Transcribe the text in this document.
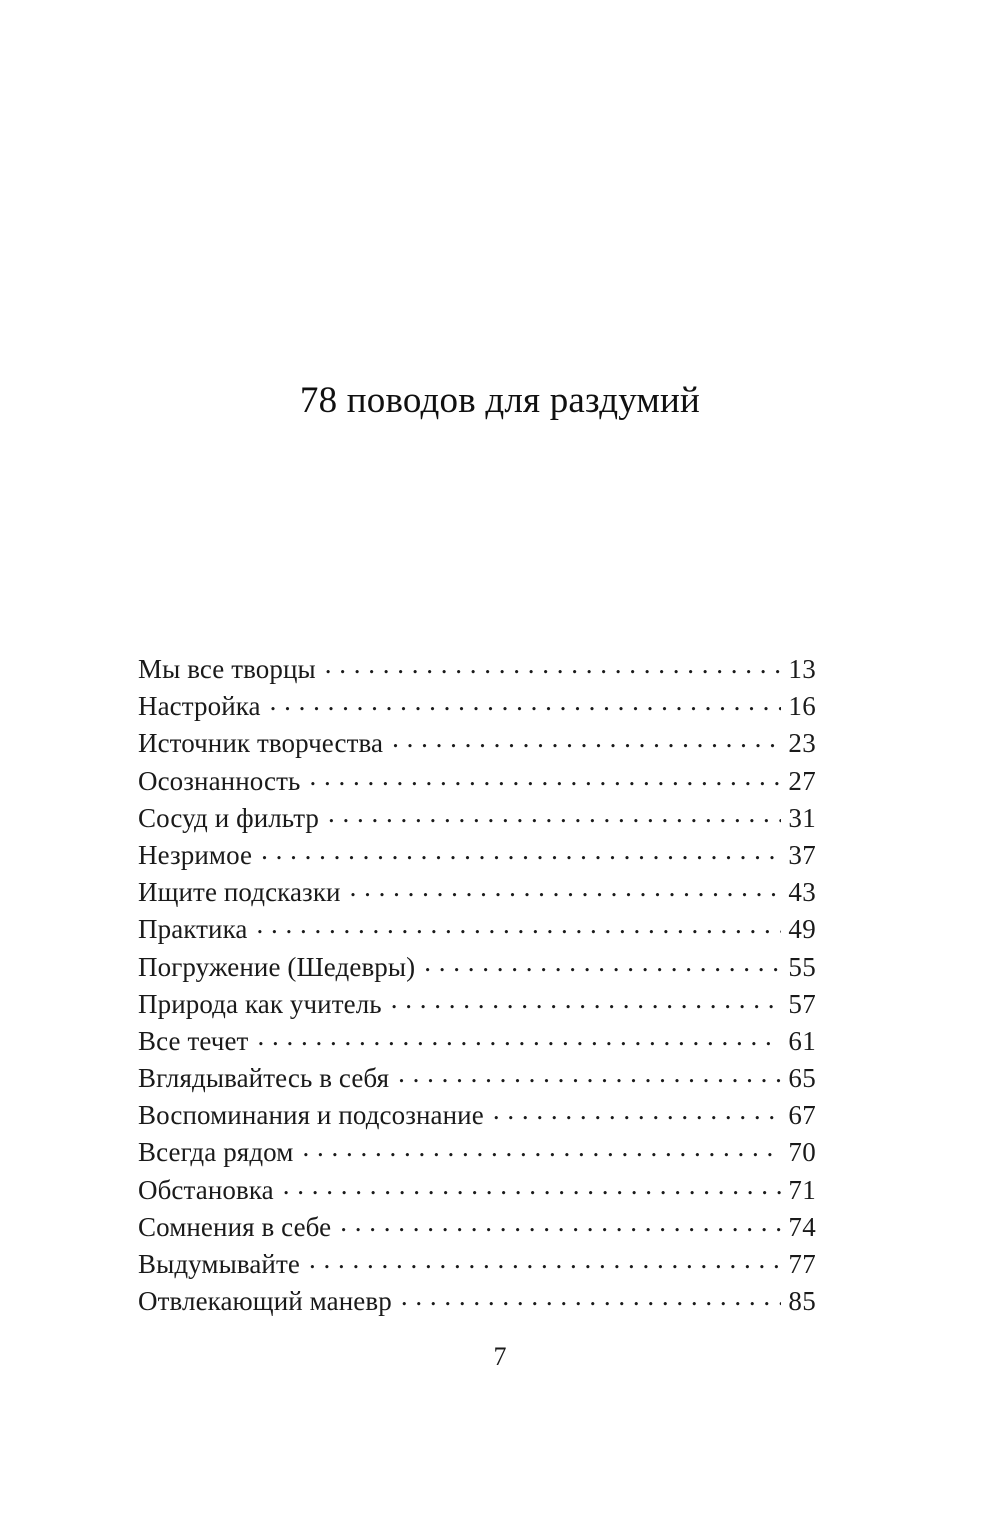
78 поводов для раздумий
Мы все творцы . . .	13
Настройка . . .	16
Источник творчества . . .	23
Осознанность . . .	27
Сосуд и фильтр . . .	31
Незримое . . .	37
Ищите подсказки . . .	43
Практика . . .	49
Погружение (Шедевры) . . .	55
Природа как учитель . . .	57
Все течет . . .	61
Вглядывайтесь в себя . . .	65
Воспоминания и подсознание . . .	67
Всегда рядом . . .	70
Обстановка . . .	71
Сомнения в себе . . .	74
Выдумывайте . . .	77
Отвлекающий маневр . . .	85
7
